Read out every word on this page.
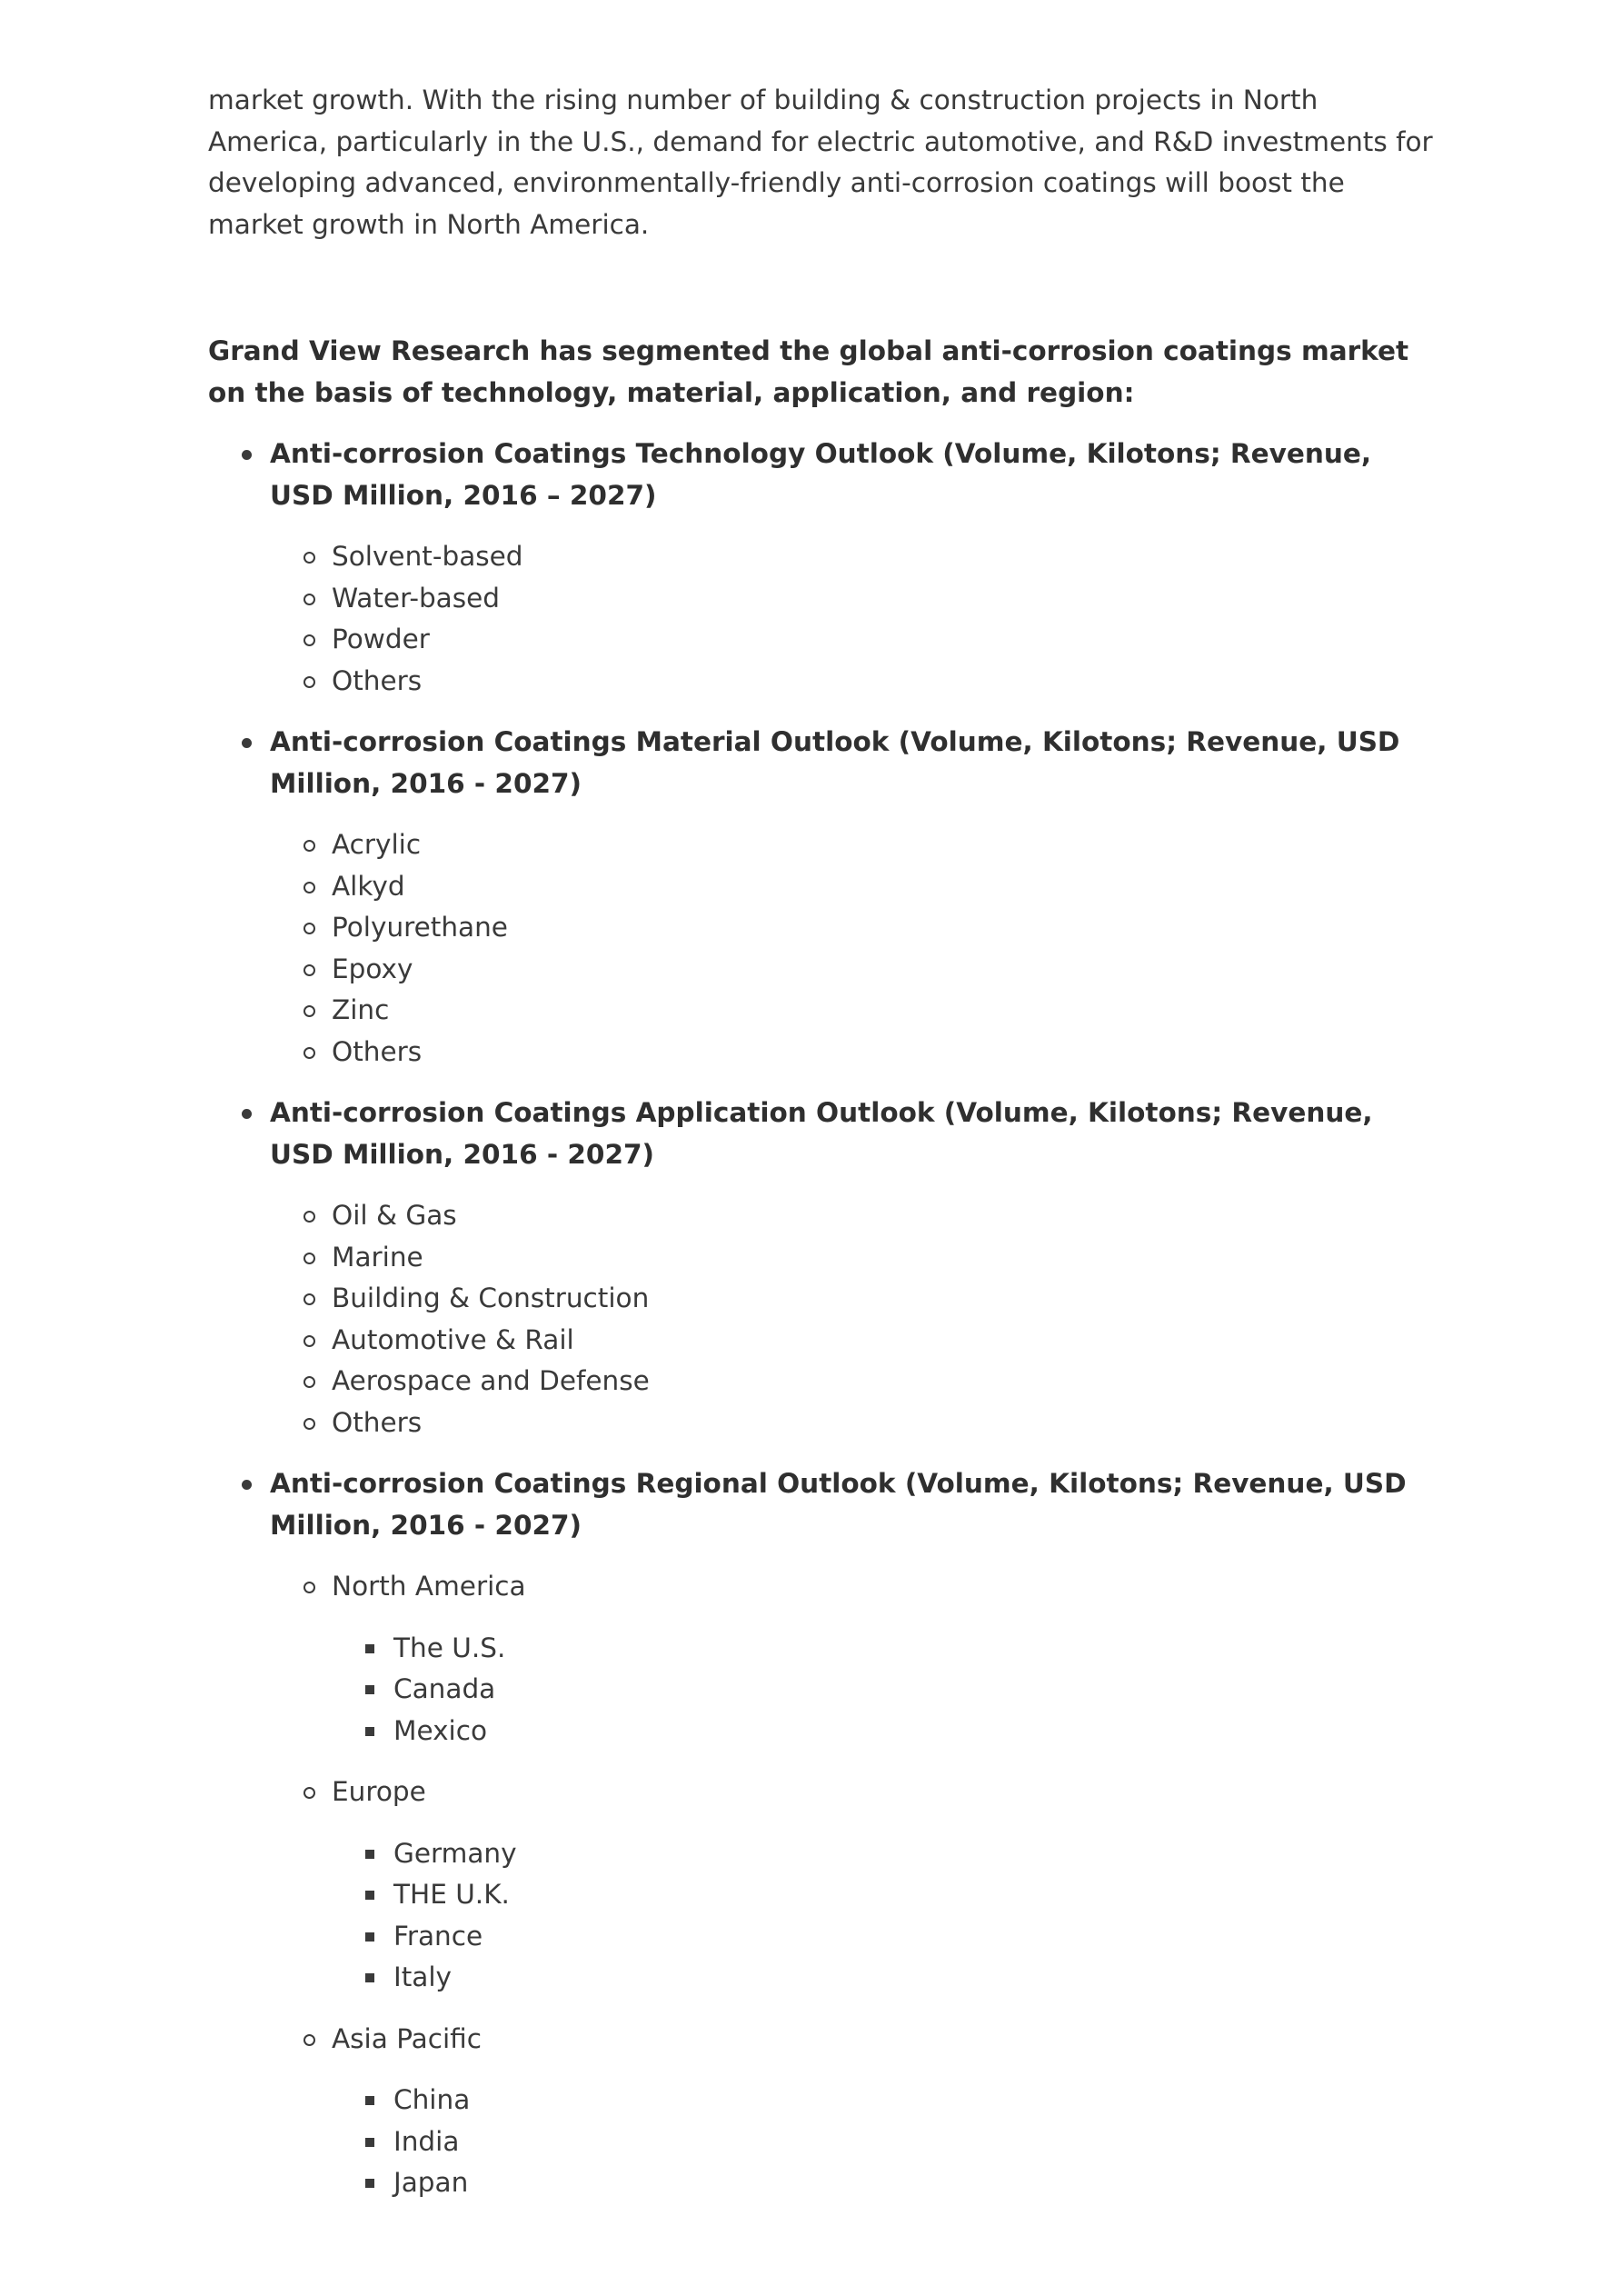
market growth. With the rising number of building & construction projects in North America, particularly in the U.S., demand for electric automotive, and R&D investments for developing advanced, environmentally-friendly anti-corrosion coatings will boost the market growth in North America.

Grand View Research has segmented the global anti-corrosion coatings market on the basis of technology, material, application, and region:

Anti-corrosion Coatings Technology Outlook (Volume, Kilotons; Revenue, USD Million, 2016 – 2027)
Solvent-based
Water-based
Powder
Others
Anti-corrosion Coatings Material Outlook (Volume, Kilotons; Revenue, USD Million, 2016 - 2027)
Acrylic
Alkyd
Polyurethane
Epoxy
Zinc
Others
Anti-corrosion Coatings Application Outlook (Volume, Kilotons; Revenue, USD Million, 2016 - 2027)
Oil & Gas
Marine
Building & Construction
Automotive & Rail
Aerospace and Defense
Others
Anti-corrosion Coatings Regional Outlook (Volume, Kilotons; Revenue, USD Million, 2016 - 2027)
North America
The U.S.
Canada
Mexico
Europe
Germany
THE U.K.
France
Italy
Asia Pacific
China
India
Japan
